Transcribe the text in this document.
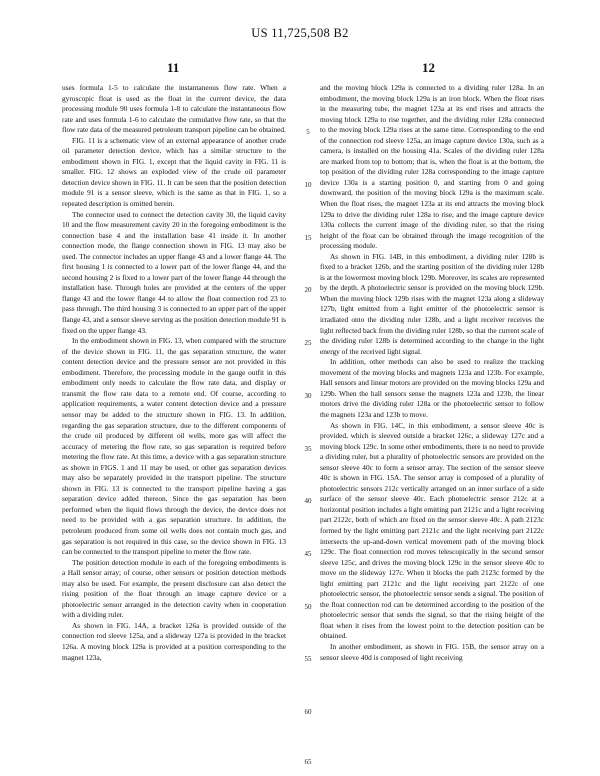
US 11,725,508 B2
11	12

uses formula 1-5 to calculate the instantaneous flow rate. When a gyroscopic float is used as the float in the current device, the data processing module 90 uses formula 1-8 to calculate the instantaneous flow rate and uses formula 1-6 to calculate the cumulative flow rate, so that the flow rate data of the measured petroleum transport pipeline can be obtained.

FIG. 11 is a schematic view of an external appearance of another crude oil parameter detection device, which has a similar structure to the embodiment shown in FIG. 1, except that the liquid cavity in FIG. 11 is smaller. FIG. 12 shows an exploded view of the crude oil parameter detection device shown in FIG. 11. It can be seen that the position detection module 91 is a sensor sleeve, which is the same as that in FIG. 1, so a repeated description is omitted herein.

The connector used to connect the detection cavity 30, the liquid cavity 10 and the flow measurement cavity 20 in the foregoing embodiment is the connection base 4 and the installation base 41 inside it. In another connection mode, the flange connection shown in FIG. 13 may also be used. The connector includes an upper flange 43 and a lower flange 44. The first housing 1 is connected to a lower part of the lower flange 44, and the second housing 2 is fixed to a lower part of the lower flange 44 through the installation base. Through holes are provided at the centers of the upper flange 43 and the lower flange 44 to allow the float connection rod 23 to pass through. The third housing 3 is connected to an upper part of the upper flange 43, and a sensor sleeve serving as the position detection module 91 is fixed on the upper flange 43.

In the embodiment shown in FIG. 13, when compared with the structure of the device shown in FIG. 11, the gas separation structure, the water content detection device and the pressure sensor are not provided in this embodiment. Therefore, the processing module in the gauge outfit in this embodiment only needs to calculate the flow rate data, and display or transmit the flow rate data to a remote end. Of course, according to application requirements, a water content detection device and a pressure sensor may be added to the structure shown in FIG. 13. In addition, regarding the gas separation structure, due to the different components of the crude oil produced by different oil wells, more gas will affect the accuracy of metering the flow rate, so gas separation is required before metering the flow rate. At this time, a device with a gas separation structure as shown in FIGS. 1 and 11 may be used, or other gas separation devices may also be separately provided in the transport pipeline. The structure shown in FIG. 13 is connected to the transport pipeline having a gas separation device added thereon. Since the gas separation has been performed when the liquid flows through the device, the device does not need to be provided with a gas separation structure. In addition, the petroleum produced from some oil wells does not contain much gas, and gas separation is not required in this case, so the device shown in FIG. 13 can be connected to the transport pipeline to meter the flow rate.

The position detection module in each of the foregoing embodiments is a Hall sensor array; of course, other sensors or position detection methods may also be used. For example, the present disclosure can also detect the rising position of the float through an image capture device or a photoelectric sensor arranged in the detection cavity when in cooperation with a dividing ruler.

As shown in FIG. 14A, a bracket 126a is provided outside of the connection rod sleeve 125a, and a slideway 127a is provided in the bracket 126a. A moving block 129a is provided at a position corresponding to the magnet 123a,

and the moving block 129a is connected to a dividing ruler 128a. In an embodiment, the moving block 129a is an iron block. When the float rises in the measuring tube, the magnet 123a at its end rises and attracts the moving block 129a to rise together, and the dividing ruler 128a connected to the moving block 129a rises at the same time. Corresponding to the end of the connection rod sleeve 125a, an image capture device 130a, such as a camera, is installed on the housing 41a. Scales of the dividing ruler 128a are marked from top to bottom; that is, when the float is at the bottom, the top position of the dividing ruler 128a corresponding to the image capture device 130a is a starting position 0, and starting from 0 and going downward, the position of the moving block 129a is the maximum scale. When the float rises, the magnet 123a at its end attracts the moving block 129a to drive the dividing ruler 128a to rise, and the image capture device 130a collects the current image of the dividing ruler, so that the rising height of the float can be obtained through the image recognition of the processing module.

As shown in FIG. 14B, in this embodiment, a dividing ruler 128b is fixed to a bracket 126b, and the starting position of the dividing ruler 128b is at the lowermost moving block 129b. Moreover, its scales are represented by the depth. A photoelectric sensor is provided on the moving block 129b. When the moving block 129b rises with the magnet 123a along a slideway 127b, light emitted from a light emitter of the photoelectric sensor is irradiated onto the dividing ruler 128b, and a light receiver receives the light reflected back from the dividing ruler 128b, so that the current scale of the dividing ruler 128b is determined according to the change in the light energy of the received light signal.

In addition, other methods can also be used to realize the tracking movement of the moving blocks and magnets 123a and 123b. For example, Hall sensors and linear motors are provided on the moving blocks 129a and 129b. When the hall sensors sense the magnets 123a and 123b, the linear motors drive the dividing ruler 128a or the photoelectric sensor to follow the magnets 123a and 123b to move.

As shown in FIG. 14C, in this embodiment, a sensor sleeve 40c is provided, which is sleeved outside a bracket 126c, a slideway 127c and a moving block 129c. In some other embodiments, there is no need to provide a dividing ruler, but a plurality of photoelectric sensors are provided on the sensor sleeve 40c to form a sensor array. The section of the sensor sleeve 40c is shown in FIG. 15A. The sensor array is composed of a plurality of photoelectric sensors 212c vertically arranged on an inner surface of a side surface of the sensor sleeve 40c. Each photoelectric sensor 212c at a horizontal position includes a light emitting part 2121c and a light receiving part 2122c, both of which are fixed on the sensor sleeve 40c. A path 2123c formed by the light emitting part 2121c and the light receiving part 2122c intersects the up-and-down vertical movement path of the moving block 129c. The float connection rod moves telescopically in the second sensor sleeve 125c, and drives the moving block 129c in the sensor sleeve 40c to move on the slideway 127c. When it blocks the path 2123c formed by the light emitting part 2121c and the light receiving part 2122c of one photoelectric sensor, the photoelectric sensor sends a signal. The position of the float connection rod can be determined according to the position of the photoelectric sensor that sends the signal, so that the rising height of the float when it rises from the lowest point to the detection position can be obtained.

In another embodiment, as shown in FIG. 15B, the sensor array on a sensor sleeve 40d is composed of light receiving

5
10
15
20
25
30
35
40
45
50
55
60
65
